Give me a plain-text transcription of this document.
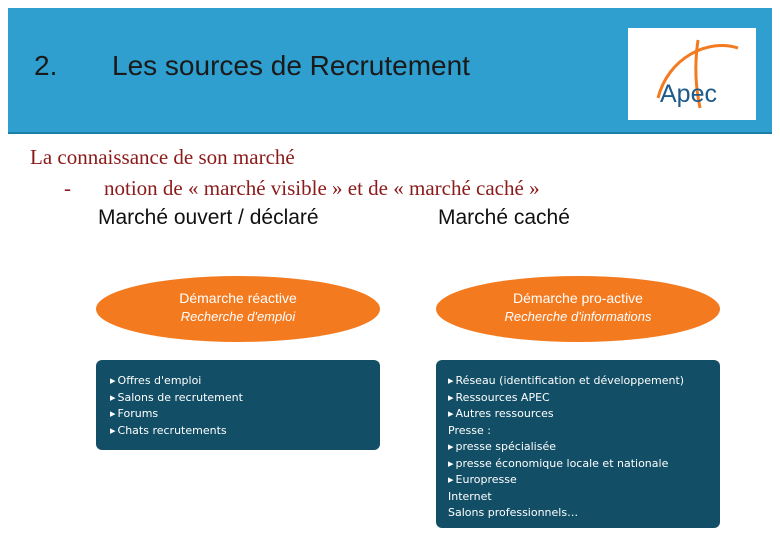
2. Les sources de Recrutement
Apec
La connaissance de son marché
- notion de « marché visible » et de « marché caché »
Marché ouvert / déclaré	Marché caché
Démarche réactive
Recherche d'emploi
Démarche pro-active
Recherche d'informations
▸ Offres d'emploi
▸ Salons de recrutement
▸ Forums
▸ Chats recrutements
▸ Réseau (identification et développement)
▸ Ressources APEC
▸ Autres ressources
Presse :
▸ presse spécialisée
▸ presse économique locale et nationale
▸ Europresse
Internet
Salons professionnels…
